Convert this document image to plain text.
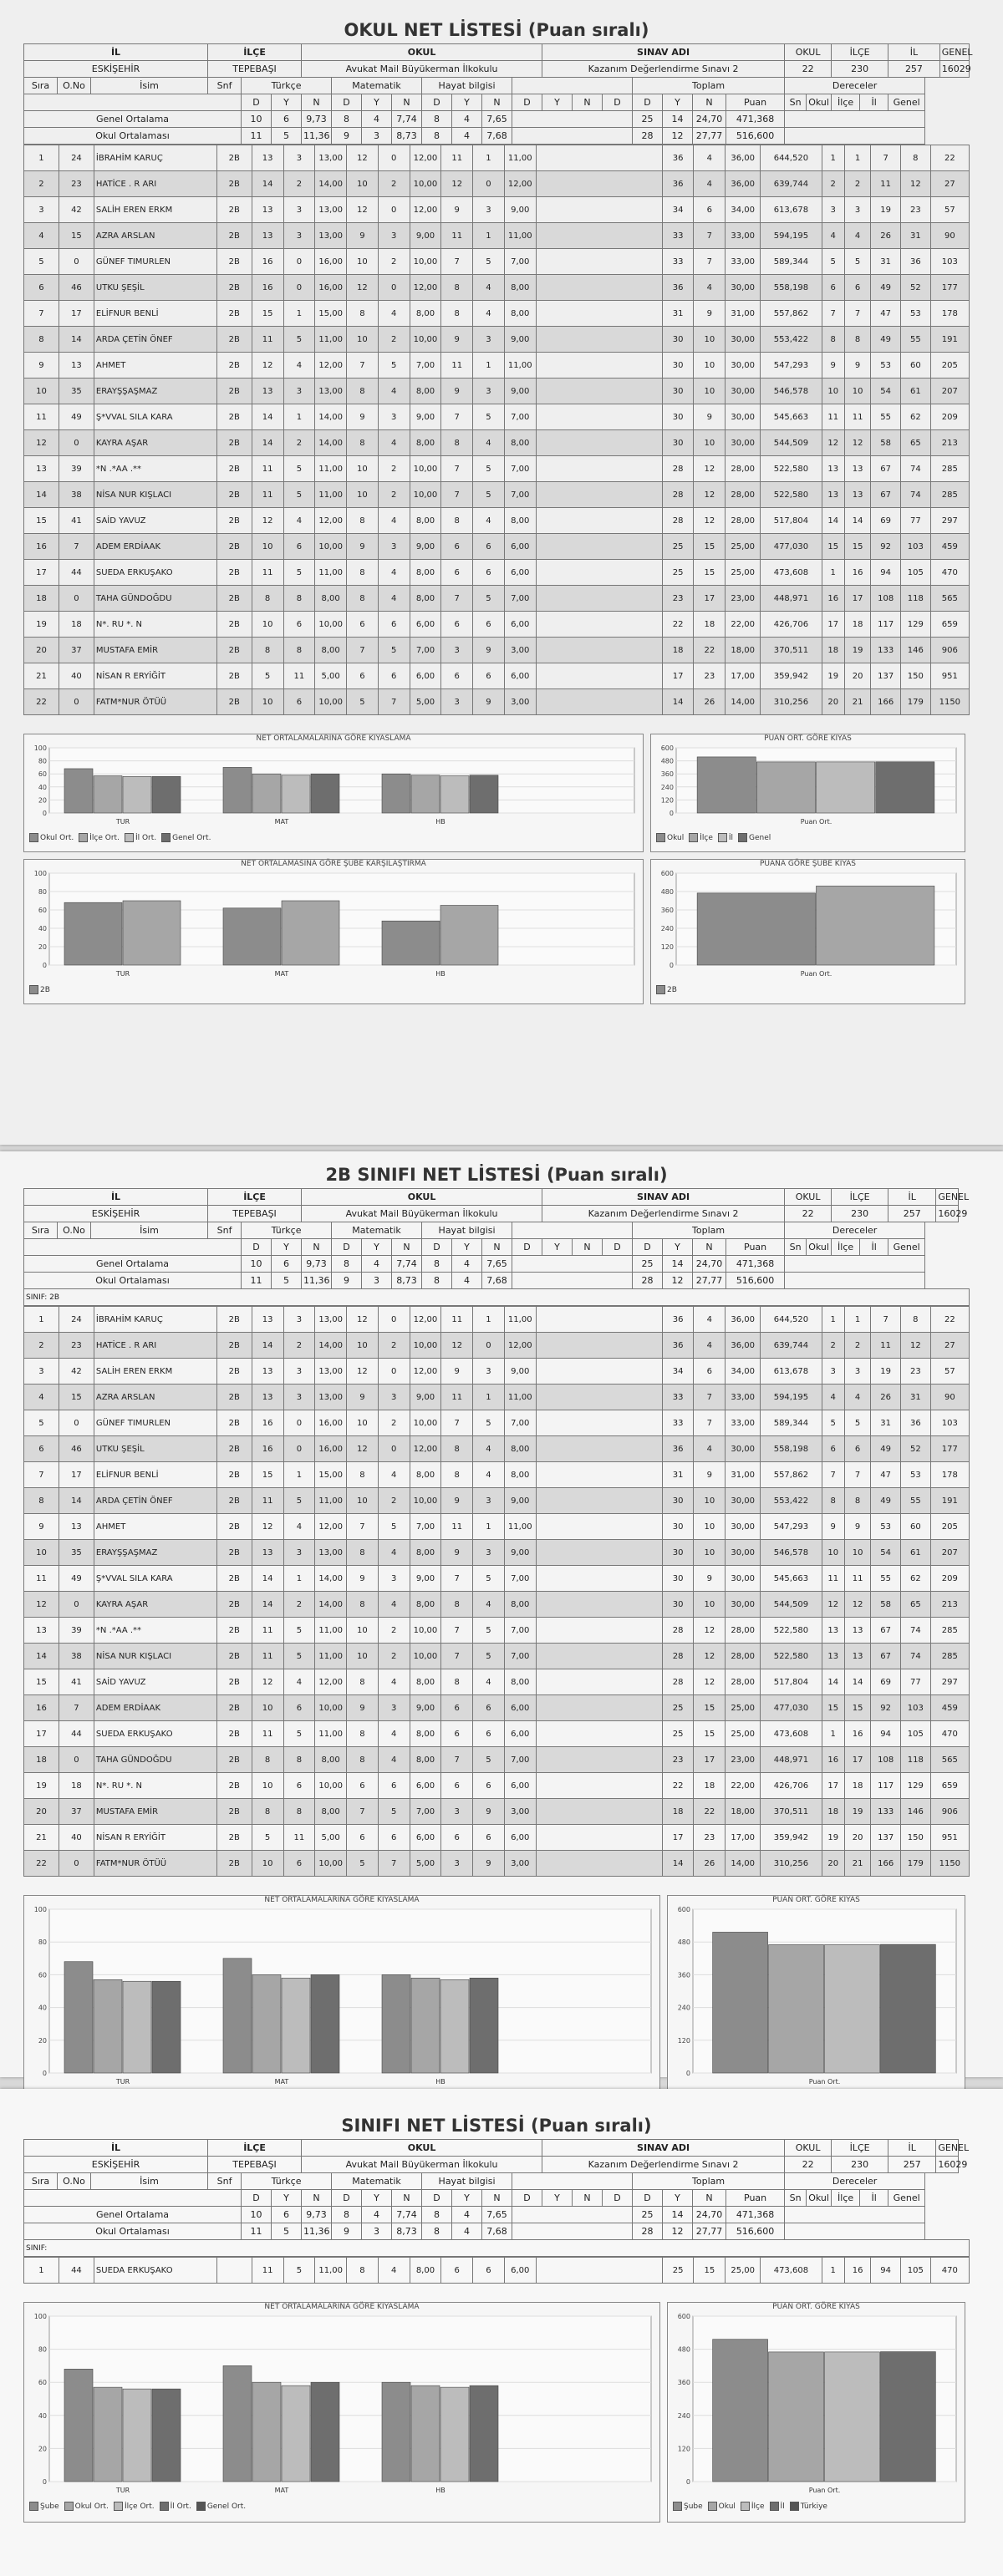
OKUL NET LİSTESİ (Puan sıralı)
İL			İLÇE			OKUL								SINAV ADI							OKUL		İLÇE		İL	GENEL
ESKİŞEHİR			TEPEBAŞI			Avukat Mail Büyükerman İlkokulu								Kazanım Değerlendirme Sınavı 2							22		230		257	16029
Sıra	O.No	İsim	Snf	Türkçe			Matematik			Hayat bilgisi							Toplam				Dereceler					
				D	Y	N	D	Y	N	D	Y	N	D	Y	N	D	D	Y	N	Puan	Sn	Okul	İlçe	İl	Genel	
Genel Ortalama				10	6	9,73	8	4	7,74	8	4	7,65					25	14	24,70	471,368						
Okul Ortalaması				11	5	11,36	9	3	8,73	8	4	7,68					28	12	27,77	516,600						
1	24	İBRAHİM KARUÇ	2B	13	3	13,00	12	0	12,00	11	1	11,00		36	4	36,00	644,520	1	1	7	8	22
2	23	HATİCE . R ARI	2B	14	2	14,00	10	2	10,00	12	0	12,00		36	4	36,00	639,744	2	2	11	12	27
3	42	SALİH EREN ERKM	2B	13	3	13,00	12	0	12,00	9	3	9,00		34	6	34,00	613,678	3	3	19	23	57
4	15	AZRA ARSLAN	2B	13	3	13,00	9	3	9,00	11	1	11,00		33	7	33,00	594,195	4	4	26	31	90
5	0	GÜNEF TIMURLEN	2B	16	0	16,00	10	2	10,00	7	5	7,00		33	7	33,00	589,344	5	5	31	36	103
6	46	UTKU ŞEŞİL	2B	16	0	16,00	12	0	12,00	8	4	8,00		36	4	30,00	558,198	6	6	49	52	177
7	17	ELİFNUR BENLİ	2B	15	1	15,00	8	4	8,00	8	4	8,00		31	9	31,00	557,862	7	7	47	53	178
8	14	ARDA ÇETİN ÖNEF	2B	11	5	11,00	10	2	10,00	9	3	9,00		30	10	30,00	553,422	8	8	49	55	191
9	13	AHMET	2B	12	4	12,00	7	5	7,00	11	1	11,00		30	10	30,00	547,293	9	9	53	60	205
10	35	ERAYŞŞAŞMAZ	2B	13	3	13,00	8	4	8,00	9	3	9,00		30	10	30,00	546,578	10	10	54	61	207
11	49	Ş*VVAL SILA KARA	2B	14	1	14,00	9	3	9,00	7	5	7,00		30	9	30,00	545,663	11	11	55	62	209
12	0	KAYRA AŞAR	2B	14	2	14,00	8	4	8,00	8	4	8,00		30	10	30,00	544,509	12	12	58	65	213
13	39	*N .*AA .**	2B	11	5	11,00	10	2	10,00	7	5	7,00		28	12	28,00	522,580	13	13	67	74	285
14	38	NİSA NUR KIŞLACI	2B	11	5	11,00	10	2	10,00	7	5	7,00		28	12	28,00	522,580	13	13	67	74	285
15	41	SAİD YAVUZ	2B	12	4	12,00	8	4	8,00	8	4	8,00		28	12	28,00	517,804	14	14	69	77	297
16	7	ADEM ERDİAAK	2B	10	6	10,00	9	3	9,00	6	6	6,00		25	15	25,00	477,030	15	15	92	103	459
17	44	SUEDA ERKUŞAKO	2B	11	5	11,00	8	4	8,00	6	6	6,00		25	15	25,00	473,608	1	16	94	105	470
18	0	TAHA GÜNDOĞDU	2B	8	8	8,00	8	4	8,00	7	5	7,00		23	17	23,00	448,971	16	17	108	118	565
19	18	N*. RU *. N	2B	10	6	10,00	6	6	6,00	6	6	6,00		22	18	22,00	426,706	17	18	117	129	659
20	37	MUSTAFA EMİR	2B	8	8	8,00	7	5	7,00	3	9	3,00		18	22	18,00	370,511	18	19	133	146	906
21	40	NİSAN R ERYİĞİT	2B	5	11	5,00	6	6	6,00	6	6	6,00		17	23	17,00	359,942	19	20	137	150	951
22	0	FATM*NUR ÖTÜÜ	2B	10	6	10,00	5	7	5,00	3	9	3,00		14	26	14,00	310,256	20	21	166	179	1150
NET ORTALAMALARINA GÖRE KIYASLAMA
0
20
40
60
80
100
TUR	MAT	HB
Okul Ort.	İlçe Ort.	İl Ort.	Genel Ort.
PUAN ORT. GÖRE KIYAS
0
120
240
360
480
600
Puan Ort.
Okul	İlçe	İl	Genel
NET ORTALAMASINA GÖRE ŞUBE KARŞILAŞTIRMA
0
20
40
60
80
100
TUR	MAT	HB
2B
PUANA GÖRE ŞUBE KIYAS
0
120
240
360
480
600
Puan Ort.
2B
2B SINIFI NET LİSTESİ (Puan sıralı)
İL			İLÇE			OKUL								SINAV ADI							OKUL		İLÇE		İL	GENEL
ESKİŞEHİR			TEPEBAŞI			Avukat Mail Büyükerman İlkokulu								Kazanım Değerlendirme Sınavı 2							22		230		257	16029
Sıra	O.No	İsim	Snf	Türkçe			Matematik			Hayat bilgisi							Toplam				Dereceler					
				D	Y	N	D	Y	N	D	Y	N	D	Y	N	D	D	Y	N	Puan	Sn	Okul	İlçe	İl	Genel	
Genel Ortalama				10	6	9,73	8	4	7,74	8	4	7,65					25	14	24,70	471,368						
Okul Ortalaması				11	5	11,36	9	3	8,73	8	4	7,68					28	12	27,77	516,600						
SINIF: 2B																										
1	24	İBRAHİM KARUÇ	2B	13	3	13,00	12	0	12,00	11	1	11,00		36	4	36,00	644,520	1	1	7	8	22
2	23	HATİCE . R ARI	2B	14	2	14,00	10	2	10,00	12	0	12,00		36	4	36,00	639,744	2	2	11	12	27
3	42	SALİH EREN ERKM	2B	13	3	13,00	12	0	12,00	9	3	9,00		34	6	34,00	613,678	3	3	19	23	57
4	15	AZRA ARSLAN	2B	13	3	13,00	9	3	9,00	11	1	11,00		33	7	33,00	594,195	4	4	26	31	90
5	0	GÜNEF TIMURLEN	2B	16	0	16,00	10	2	10,00	7	5	7,00		33	7	33,00	589,344	5	5	31	36	103
6	46	UTKU ŞEŞİL	2B	16	0	16,00	12	0	12,00	8	4	8,00		36	4	30,00	558,198	6	6	49	52	177
7	17	ELİFNUR BENLİ	2B	15	1	15,00	8	4	8,00	8	4	8,00		31	9	31,00	557,862	7	7	47	53	178
8	14	ARDA ÇETİN ÖNEF	2B	11	5	11,00	10	2	10,00	9	3	9,00		30	10	30,00	553,422	8	8	49	55	191
9	13	AHMET	2B	12	4	12,00	7	5	7,00	11	1	11,00		30	10	30,00	547,293	9	9	53	60	205
10	35	ERAYŞŞAŞMAZ	2B	13	3	13,00	8	4	8,00	9	3	9,00		30	10	30,00	546,578	10	10	54	61	207
11	49	Ş*VVAL SILA KARA	2B	14	1	14,00	9	3	9,00	7	5	7,00		30	9	30,00	545,663	11	11	55	62	209
12	0	KAYRA AŞAR	2B	14	2	14,00	8	4	8,00	8	4	8,00		30	10	30,00	544,509	12	12	58	65	213
13	39	*N .*AA .**	2B	11	5	11,00	10	2	10,00	7	5	7,00		28	12	28,00	522,580	13	13	67	74	285
14	38	NİSA NUR KIŞLACI	2B	11	5	11,00	10	2	10,00	7	5	7,00		28	12	28,00	522,580	13	13	67	74	285
15	41	SAİD YAVUZ	2B	12	4	12,00	8	4	8,00	8	4	8,00		28	12	28,00	517,804	14	14	69	77	297
16	7	ADEM ERDİAAK	2B	10	6	10,00	9	3	9,00	6	6	6,00		25	15	25,00	477,030	15	15	92	103	459
17	44	SUEDA ERKUŞAKO	2B	11	5	11,00	8	4	8,00	6	6	6,00		25	15	25,00	473,608	1	16	94	105	470
18	0	TAHA GÜNDOĞDU	2B	8	8	8,00	8	4	8,00	7	5	7,00		23	17	23,00	448,971	16	17	108	118	565
19	18	N*. RU *. N	2B	10	6	10,00	6	6	6,00	6	6	6,00		22	18	22,00	426,706	17	18	117	129	659
20	37	MUSTAFA EMİR	2B	8	8	8,00	7	5	7,00	3	9	3,00		18	22	18,00	370,511	18	19	133	146	906
21	40	NİSAN R ERYİĞİT	2B	5	11	5,00	6	6	6,00	6	6	6,00		17	23	17,00	359,942	19	20	137	150	951
22	0	FATM*NUR ÖTÜÜ	2B	10	6	10,00	5	7	5,00	3	9	3,00		14	26	14,00	310,256	20	21	166	179	1150
NET ORTALAMALARINA GÖRE KIYASLAMA
0
20
40
60
80
100
TUR	MAT	HB
PUAN ORT. GÖRE KIYAS
0
120
240
360
480
600
Puan Ort.
SINIFI NET LİSTESİ (Puan sıralı)
İL			İLÇE			OKUL								SINAV ADI							OKUL		İLÇE		İL	GENEL
ESKİŞEHİR			TEPEBAŞI			Avukat Mail Büyükerman İlkokulu								Kazanım Değerlendirme Sınavı 2							22		230		257	16029
Sıra	O.No	İsim	Snf	Türkçe			Matematik			Hayat bilgisi							Toplam				Dereceler					
				D	Y	N	D	Y	N	D	Y	N	D	Y	N	D	D	Y	N	Puan	Sn	Okul	İlçe	İl	Genel	
Genel Ortalama				10	6	9,73	8	4	7,74	8	4	7,65					25	14	24,70	471,368						
Okul Ortalaması				11	5	11,36	9	3	8,73	8	4	7,68					28	12	27,77	516,600						
SINIF:																										
1	44	SUEDA ERKUŞAKO		11	5	11,00	8	4	8,00	6	6	6,00		25	15	25,00	473,608	1	16	94	105	470
NET ORTALAMALARINA GÖRE KIYASLAMA
0
20
40
60
80
100
TUR	MAT	HB
Şube	Okul Ort.	İlçe Ort.	İl Ort.	Genel Ort.
PUAN ORT. GÖRE KIYAS
0
120
240
360
480
600
Puan Ort.
Şube	Okul	İlçe	İl	Türkiye
